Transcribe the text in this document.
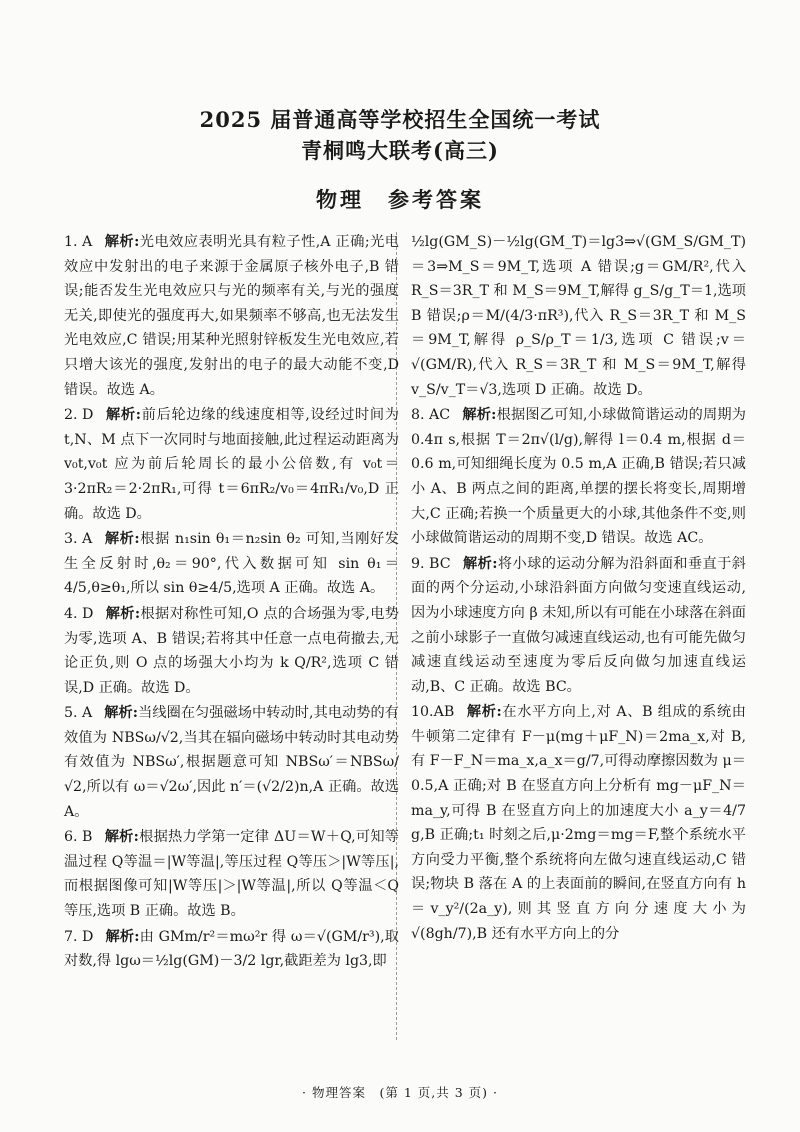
2025 届普通高等学校招生全国统一考试
青桐鸣大联考(高三)
物理　参考答案
1. A 解析:光电效应表明光具有粒子性,A 正确;光电效应中发射出的电子来源于金属原子核外电子,B 错误;能否发生光电效应只与光的频率有关,与光的强度无关,即使光的强度再大,如果频率不够高,也无法发生光电效应,C 错误;用某种光照射锌板发生光电效应,若只增大该光的强度,发射出的电子的最大动能不变,D 错误。故选 A。
2. D 解析:前后轮边缘的线速度相等,设经过时间为 t,N、M 点下一次同时与地面接触,此过程运动距离为 v₀t,v₀t 应为前后轮周长的最小公倍数,有 v₀t＝3·2πR₂＝2·2πR₁,可得 t＝6πR₂/v₀＝4πR₁/v₀,D 正确。故选 D。
3. A 解析:根据 n₁sin θ₁＝n₂sin θ₂ 可知,当刚好发生全反射时,θ₂＝90°,代入数据可知 sin θ₁＝4/5,θ≥θ₁,所以 sin θ≥4/5,选项 A 正确。故选 A。
4. D 解析:根据对称性可知,O 点的合场强为零,电势为零,选项 A、B 错误;若将其中任意一点电荷撤去,无论正负,则 O 点的场强大小均为 k Q/R²,选项 C 错误,D 正确。故选 D。
5. A 解析:当线圈在匀强磁场中转动时,其电动势的有效值为 NBSω/√2,当其在辐向磁场中转动时其电动势有效值为 NBSω′,根据题意可知 NBSω′＝NBSω/√2,所以有 ω＝√2ω′,因此 n′＝(√2/2)n,A 正确。故选 A。
6. B 解析:根据热力学第一定律 ΔU＝W＋Q,可知等温过程 Q等温＝|W等温|,等压过程 Q等压＞|W等压|,而根据图像可知|W等压|＞|W等温|,所以 Q等温＜Q等压,选项 B 正确。故选 B。
7. D 解析:由 GMm/r²＝mω²r 得 ω＝√(GM/r³),取对数,得 lgω＝½lg(GM)－3/2 lgr,截距差为 lg3,即
½lg(GM_S)－½lg(GM_T)＝lg3⇒√(GM_S/GM_T)＝3⇒M_S＝9M_T,选项 A 错误;g＝GM/R²,代入 R_S＝3R_T 和 M_S＝9M_T,解得 g_S/g_T＝1,选项 B 错误;ρ＝M/(4/3·πR³),代入 R_S＝3R_T 和 M_S＝9M_T,解得 ρ_S/ρ_T＝1/3,选项 C 错误;v＝√(GM/R),代入 R_S＝3R_T 和 M_S＝9M_T,解得 v_S/v_T＝√3,选项 D 正确。故选 D。
8. AC 解析:根据图乙可知,小球做简谐运动的周期为 0.4π s,根据 T＝2π√(l/g),解得 l＝0.4 m,根据 d＝0.6 m,可知细绳长度为 0.5 m,A 正确,B 错误;若只减小 A、B 两点之间的距离,单摆的摆长将变长,周期增大,C 正确;若换一个质量更大的小球,其他条件不变,则小球做简谐运动的周期不变,D 错误。故选 AC。
9. BC 解析:将小球的运动分解为沿斜面和垂直于斜面的两个分运动,小球沿斜面方向做匀变速直线运动,因为小球速度方向 β 未知,所以有可能在小球落在斜面之前小球影子一直做匀减速直线运动,也有可能先做匀减速直线运动至速度为零后反向做匀加速直线运动,B、C 正确。故选 BC。
10.AB 解析:在水平方向上,对 A、B 组成的系统由牛顿第二定律有 F－μ(mg＋μF_N)＝2ma_x,对 B,有 F－F_N＝ma_x,a_x＝g/7,可得动摩擦因数为 μ＝0.5,A 正确;对 B 在竖直方向上分析有 mg－μF_N＝ma_y,可得 B 在竖直方向上的加速度大小 a_y＝4/7 g,B 正确;t₁ 时刻之后,μ·2mg＝mg＝F,整个系统水平方向受力平衡,整个系统将向左做匀速直线运动,C 错误;物块 B 落在 A 的上表面前的瞬间,在竖直方向有 h＝v_y²/(2a_y),则其竖直方向分速度大小为 √(8gh/7),B 还有水平方向上的分
· 物理答案　(第 1 页,共 3 页) ·
